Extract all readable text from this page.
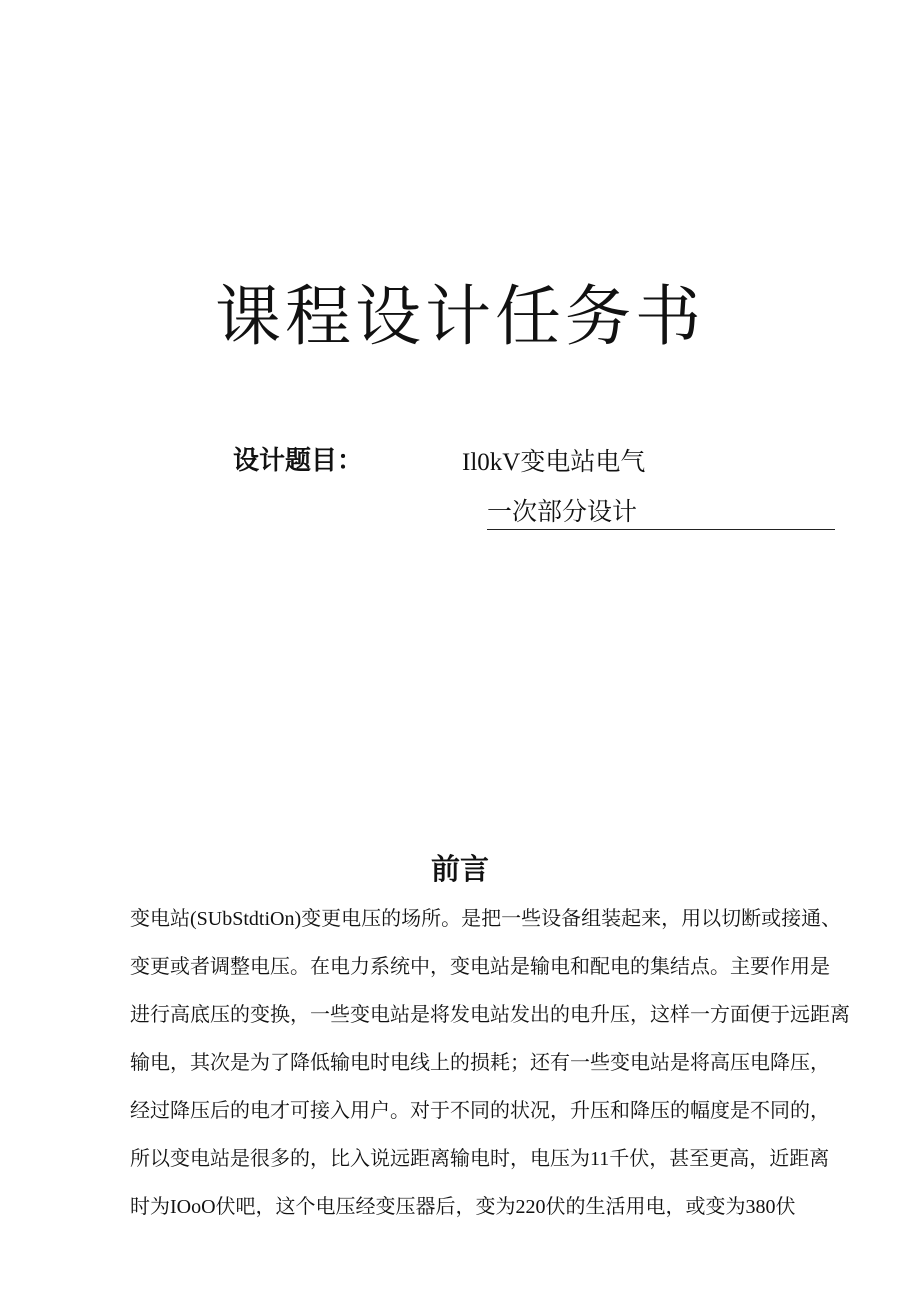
课程设计任务书
设计题目：	Il0kV变电站电气
一次部分设计
前言
变电站(SUbStdtiOn)变更电压的场所。是把一些设备组装起来，用以切断或接通、
变更或者调整电压。在电力系统中，变电站是输电和配电的集结点。主要作用是
进行高底压的变换，一些变电站是将发电站发出的电升压，这样一方面便于远距离
输电，其次是为了降低输电时电线上的损耗；还有一些变电站是将高压电降压，
经过降压后的电才可接入用户。对于不同的状况，升压和降压的幅度是不同的，
所以变电站是很多的，比入说远距离输电时，电压为11千伏，甚至更高，近距离
时为IOoO伏吧，这个电压经变压器后，变为220伏的生活用电，或变为380伏
